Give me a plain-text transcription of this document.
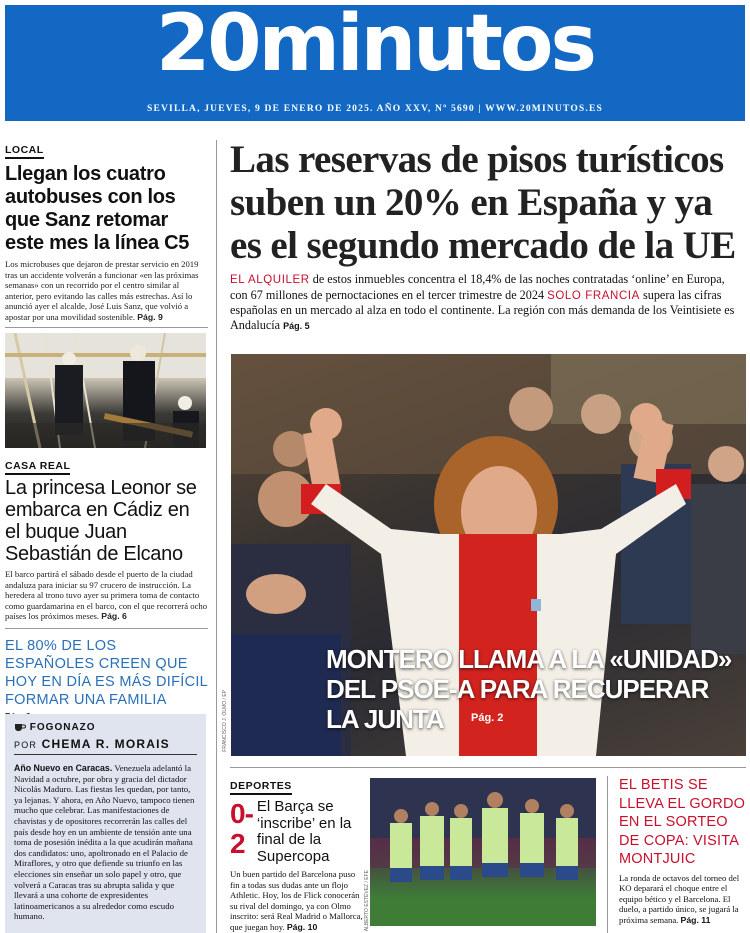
20minutos
SEVILLA, JUEVES, 9 DE ENERO DE 2025. AÑO XXV, Nº 5690 | WWW.20MINUTOS.ES
LOCAL
Llegan los cuatro autobuses con los que Sanz retomar este mes la línea C5
Los microbuses que dejaron de prestar servicio en 2019 tras un accidente volverán a funcionar «en las próximas semanas» con un recorrido por el centro similar al anterior, pero evitando las calles más estrechas. Así lo anunció ayer el alcalde, José Luis Sanz, que volvió a apostar por una movilidad sostenible. Pág. 9
CASA REAL
La princesa Leonor se embarca en Cádiz en el buque Juan Sebastián de Elcano
El barco partirá el sábado desde el puerto de la ciudad andaluza para iniciar su 97 crucero de instrucción. La heredera al trono tuvo ayer su primera toma de contacto como guardamarina en el barco, con el que recorrerá ocho países los próximos meses. Pág. 6
EL 80% DE LOS ESPAÑOLES CREEN QUE HOY EN DÍA ES MÁS DIFÍCIL FORMAR UNA FAMILIA
FOGONAZO
POR CHEMA R. MORAIS
Año Nuevo en Caracas. Venezuela adelantó la Navidad a octubre, por obra y gracia del dictador Nicolás Maduro. Las fiestas les quedan, por tanto, ya lejanas. Y ahora, en Año Nuevo, tampoco tienen mucho que celebrar. Las manifestaciones de chavistas y de opositores recorrerán las calles del país desde hoy en un ambiente de tensión ante una toma de posesión inédita a la que acudirán mañana dos candidatos: uno, apoltronado en el Palacio de Miraflores, y otro que defiende su triunfo en las elecciones sin enseñar un solo papel y otro, que volverá a Caracas tras su abrupta salida y que llevará a una cohorte de expresidentes latinoamericanos a su alrededor como escudo humano.
Las reservas de pisos turísticos suben un 20% en España y ya es el segundo mercado de la UE
EL ALQUILER de estos inmuebles concentra el 18,4% de las noches contratadas ‘online’ en Europa, con 67 millones de pernoctaciones en el tercer trimestre de 2024 SOLO FRANCIA supera las cifras españolas en un mercado al alza en todo el continente. La región con más demanda de los Veintisiete es Andalucía Pág. 5
MONTERO LLAMA A LA «UNIDAD» DEL PSOE-A PARA RECUPERAR LA JUNTA	Pág. 2
FRANCISCO J. OLMO / EP
DEPORTES
0-2
El Barça se ‘inscribe’ en la final de la Supercopa
Un buen partido del Barcelona puso fin a todas sus dudas ante un flojo Athletic. Hoy, los de Flick conocerán su rival del domingo, ya con Olmo inscrito: será Real Madrid o Mallorca, que juegan hoy. Pág. 10	ALBERTO ESTÉVEZ / EFE
EL BETIS SE LLEVA EL GORDO EN EL SORTEO DE COPA: VISITA MONTJUIC
La ronda de octavos del torneo del KO deparará el choque entre el equipo bético y el Barcelona. El duelo, a partido único, se jugará la próxima semana. Pág. 11
